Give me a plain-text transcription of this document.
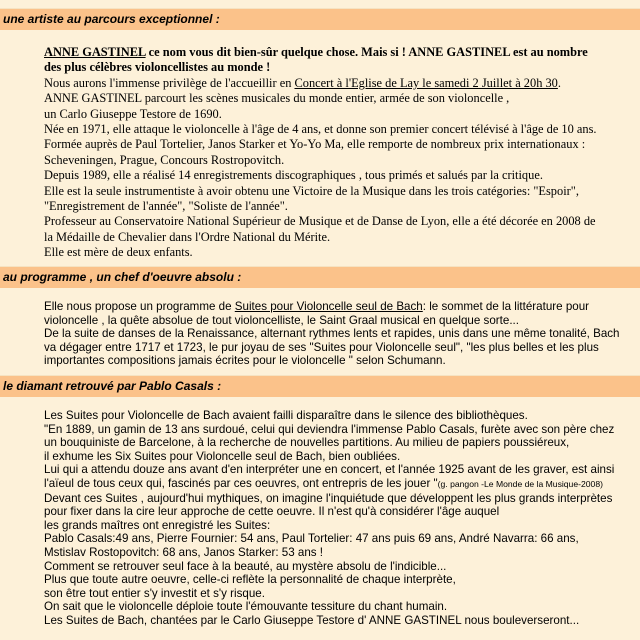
une artiste au parcours exceptionnel :
ANNE GASTINEL ce nom vous dit bien-sûr quelque chose. Mais si ! ANNE GASTINEL est au nombre
des plus célèbres violoncellistes au monde !
Nous aurons l'immense privilège de l'accueillir en Concert à l'Eglise de Lay le samedi 2 Juillet à 20h 30.
ANNE GASTINEL parcourt les scènes musicales du monde entier, armée de son violoncelle ,
un Carlo Giuseppe Testore de 1690.
Née en 1971, elle attaque le violoncelle à l'âge de 4 ans, et donne son premier concert télévisé à l'âge de 10 ans.
Formée auprès de Paul Tortelier, Janos Starker et Yo-Yo Ma, elle remporte de nombreux prix internationaux :
Scheveningen, Prague, Concours Rostropovitch.
Depuis 1989, elle a réalisé 14 enregistrements discographiques , tous primés et salués par la critique.
Elle est la seule instrumentiste à avoir obtenu une Victoire de la Musique dans les trois catégories: "Espoir",
"Enregistrement de l'année", "Soliste de l'année".
Professeur au Conservatoire National Supérieur de Musique et de Danse de Lyon, elle a été décorée en 2008 de
la Médaille de Chevalier dans l'Ordre National du Mérite.
Elle est mère de deux enfants.
au programme , un chef d'oeuvre absolu :
Elle nous propose un programme de Suites pour Violoncelle seul de Bach: le sommet de la littérature pour
violoncelle , la quête absolue de tout violoncelliste, le Saint Graal musical en quelque sorte...
De la suite de danses de la Renaissance, alternant rythmes lents et rapides, unis dans une même tonalité, Bach
va dégager entre 1717 et 1723, le pur joyau de ses "Suites pour Violoncelle seul", "les plus belles et les plus
importantes compositions jamais écrites pour le violoncelle " selon Schumann.
le diamant retrouvé par Pablo Casals :
Les Suites pour Violoncelle de Bach avaient failli disparaître dans le silence des bibliothèques.
"En 1889, un gamin de 13 ans surdoué, celui qui deviendra l'immense Pablo Casals, furète avec son père chez
un bouquiniste de Barcelone, à la recherche de nouvelles partitions. Au milieu de papiers poussiéreux,
il exhume les Six Suites pour Violoncelle seul de Bach, bien oubliées.
Lui qui a attendu douze ans avant d'en interpréter une en concert, et l'année 1925 avant de les graver, est ainsi
l'aïeul de tous ceux qui, fascinés par ces oeuvres, ont entrepris de les jouer "(g. pangon -Le Monde de la Musique-2008)
Devant ces Suites , aujourd'hui mythiques, on imagine l'inquiétude que développent les plus grands interprètes
pour fixer dans la cire leur approche de cette oeuvre. Il n'est qu'à considérer l'âge auquel
les grands maîtres ont enregistré les Suites:
Pablo Casals:49 ans, Pierre Fournier: 54 ans, Paul Tortelier: 47 ans puis 69 ans, André Navarra: 66 ans,
Mstislav Rostopovitch: 68 ans, Janos Starker: 53 ans !
Comment se retrouver seul face à la beauté, au mystère absolu de l'indicible...
Plus que toute autre oeuvre, celle-ci reflète la personnalité de chaque interprète,
son être tout entier s'y investit et s'y risque.
On sait que le violoncelle déploie toute l'émouvante tessiture du chant humain.
Les Suites de Bach, chantées par le Carlo Giuseppe Testore d' ANNE GASTINEL nous bouleverseront...
